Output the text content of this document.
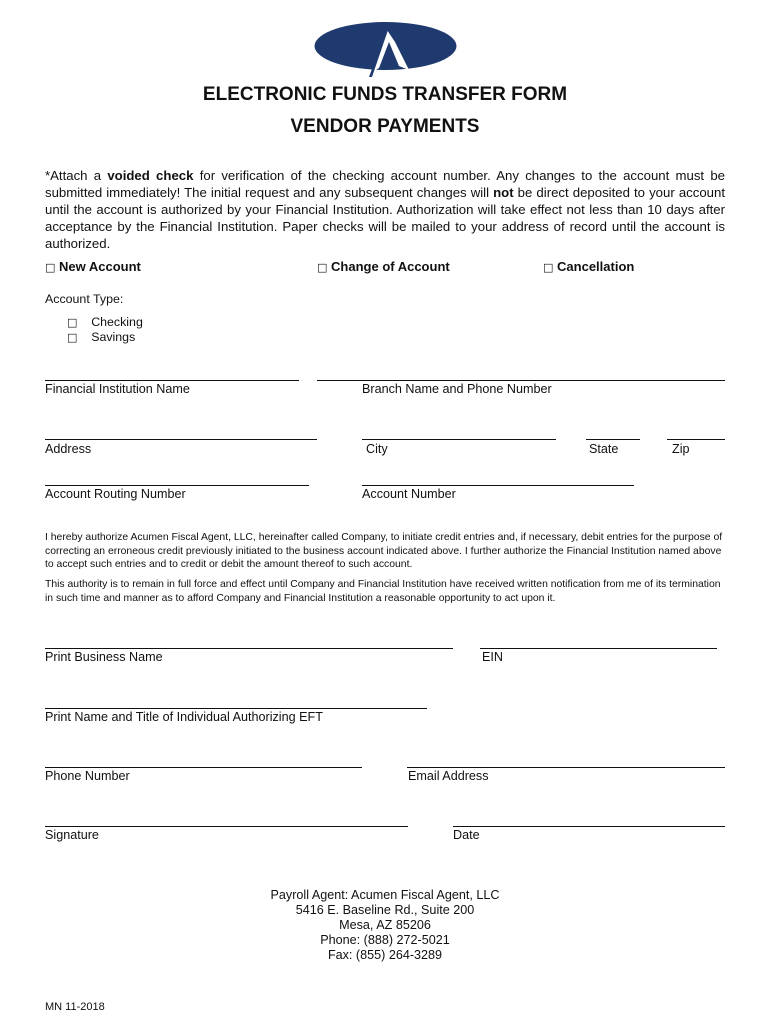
ELECTRONIC FUNDS TRANSFER FORM
VENDOR PAYMENTS
*Attach a voided check for verification of the checking account number. Any changes to the account must be submitted immediately! The initial request and any subsequent changes will not be direct deposited to your account until the account is authorized by your Financial Institution. Authorization will take effect not less than 10 days after acceptance by the Financial Institution. Paper checks will be mailed to your address of record until the account is authorized.
□ New Account	□ Change of Account	□ Cancellation
Account Type:
□ Checking
□ Savings
Financial Institution Name	Branch Name and Phone Number
Address	City	State	Zip
Account Routing Number	Account Number
I hereby authorize Acumen Fiscal Agent, LLC, hereinafter called Company, to initiate credit entries and, if necessary, debit entries for the purpose of correcting an erroneous credit previously initiated to the business account indicated above. I further authorize the Financial Institution named above to accept such entries and to credit or debit the amount thereof to such account.
This authority is to remain in full force and effect until Company and Financial Institution have received written notification from me of its termination in such time and manner as to afford Company and Financial Institution a reasonable opportunity to act upon it.
Print Business Name	EIN
Print Name and Title of Individual Authorizing EFT
Phone Number	Email Address
Signature	Date
Payroll Agent: Acumen Fiscal Agent, LLC
5416 E. Baseline Rd., Suite 200
Mesa, AZ 85206
Phone: (888) 272-5021
Fax: (855) 264-3289
MN 11-2018
